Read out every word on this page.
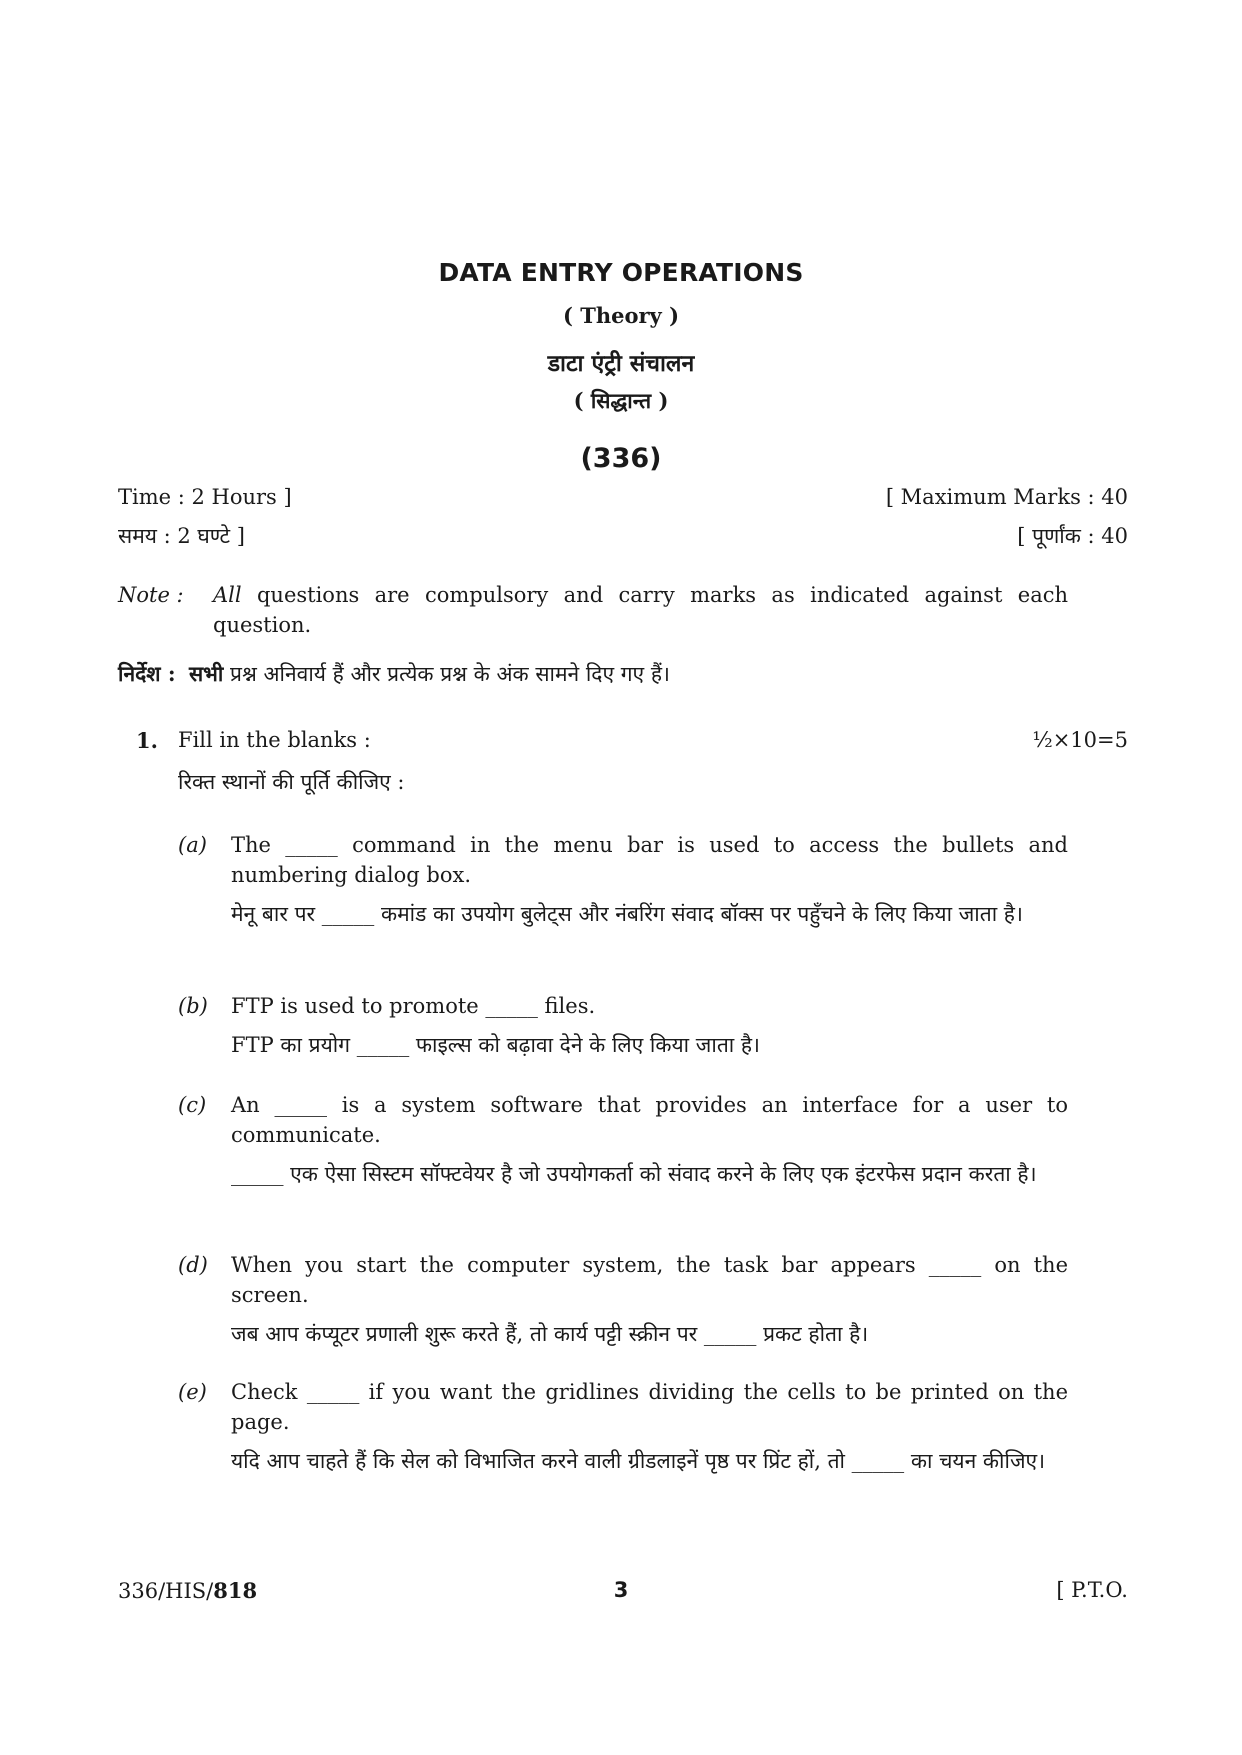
DATA ENTRY OPERATIONS
( Theory )
डाटा एंट्री संचालन
( सिद्धान्त )
(336)
Time : 2 Hours ]	[ Maximum Marks : 40
समय : 2 घण्टे ]	[ पूर्णांक : 40
Note : All questions are compulsory and carry marks as indicated against each question.
निर्देश : सभी प्रश्न अनिवार्य हैं और प्रत्येक प्रश्न के अंक सामने दिए गए हैं।
1. Fill in the blanks :	½×10=5
रिक्त स्थानों की पूर्ति कीजिए :
(a) The _____ command in the menu bar is used to access the bullets and numbering dialog box.
मेनू बार पर _____ कमांड का उपयोग बुलेट्स और नंबरिंग संवाद बॉक्स पर पहुँचने के लिए किया जाता है।
(b) FTP is used to promote _____ files.
FTP का प्रयोग _____ फाइल्स को बढ़ावा देने के लिए किया जाता है।
(c) An _____ is a system software that provides an interface for a user to communicate.
_____ एक ऐसा सिस्टम सॉफ्टवेयर है जो उपयोगकर्ता को संवाद करने के लिए एक इंटरफेस प्रदान करता है।
(d) When you start the computer system, the task bar appears _____ on the screen.
जब आप कंप्यूटर प्रणाली शुरू करते हैं, तो कार्य पट्टी स्क्रीन पर _____ प्रकट होता है।
(e) Check _____ if you want the gridlines dividing the cells to be printed on the page.
यदि आप चाहते हैं कि सेल को विभाजित करने वाली ग्रीडलाइनें पृष्ठ पर प्रिंट हों, तो _____ का चयन कीजिए।
336/HIS/818	3	[ P.T.O.
